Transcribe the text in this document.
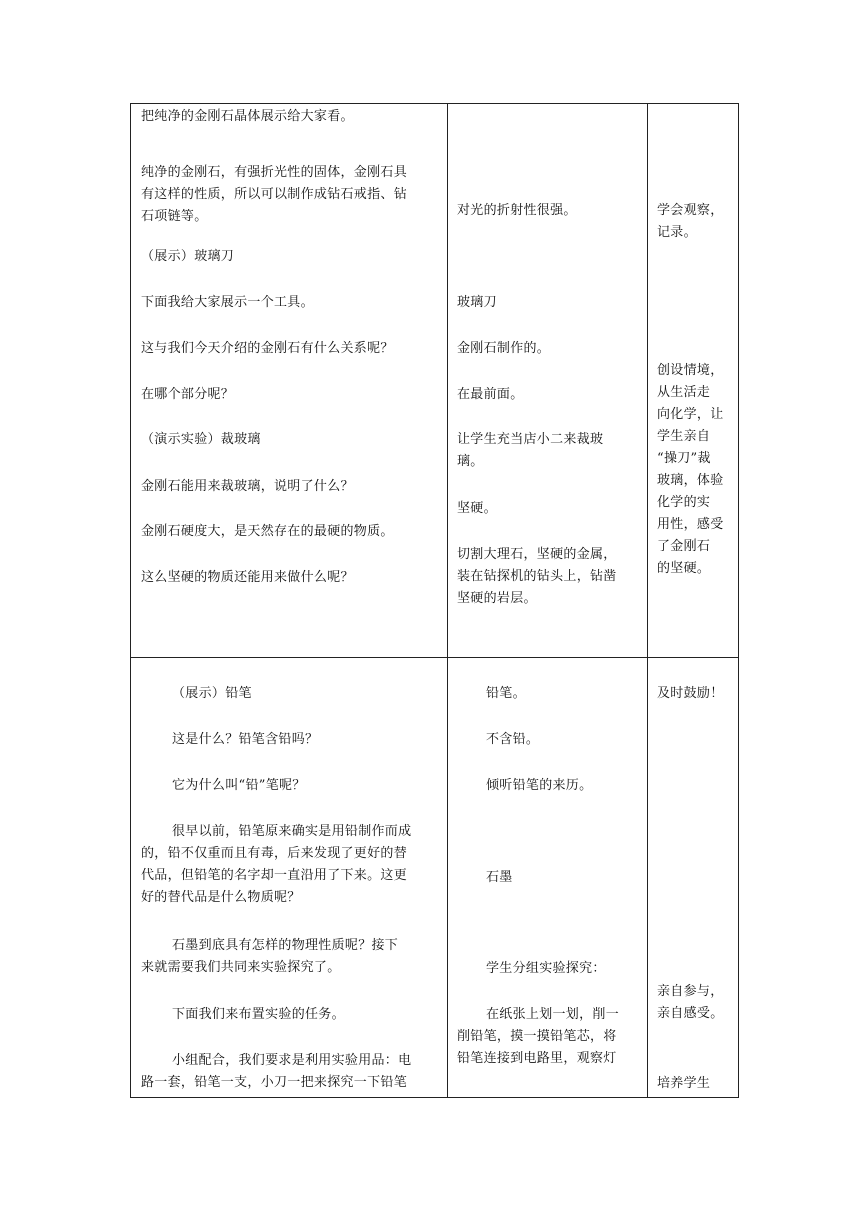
把纯净的金刚石晶体展示给大家看。
纯净的金刚石，有强折光性的固体，金刚石具
有这样的性质，所以可以制作成钻石戒指、钻
石项链等。
（展示）玻璃刀
下面我给大家展示一个工具。
这与我们今天介绍的金刚石有什么关系呢？
在哪个部分呢？
（演示实验）裁玻璃
金刚石能用来裁玻璃，说明了什么？
金刚石硬度大，是天然存在的最硬的物质。
这么坚硬的物质还能用来做什么呢？
对光的折射性很强。
玻璃刀
金刚石制作的。
在最前面。
让学生充当店小二来裁玻
璃。
坚硬。
切割大理石，坚硬的金属，
装在钻探机的钻头上，钻凿
坚硬的岩层。
学会观察，
记录。
创设情境，
从生活走
向化学，让
学生亲自
“操刀”裁
玻璃，体验
化学的实
用性，感受
了金刚石
的坚硬。
（展示）铅笔
这是什么？铅笔含铅吗？
它为什么叫“铅”笔呢？
很早以前，铅笔原来确实是用铅制作而成
的，铅不仅重而且有毒，后来发现了更好的替
代品，但铅笔的名字却一直沿用了下来。这更
好的替代品是什么物质呢？
石墨到底具有怎样的物理性质呢？接下
来就需要我们共同来实验探究了。
下面我们来布置实验的任务。
小组配合，我们要求是利用实验用品：电
路一套，铅笔一支，小刀一把来探究一下铅笔
铅笔。
不含铅。
倾听铅笔的来历。
石墨
学生分组实验探究：
在纸张上划一划，削一
削铅笔，摸一摸铅笔芯，将
铅笔连接到电路里，观察灯
及时鼓励！
亲自参与，
亲自感受。
培养学生
